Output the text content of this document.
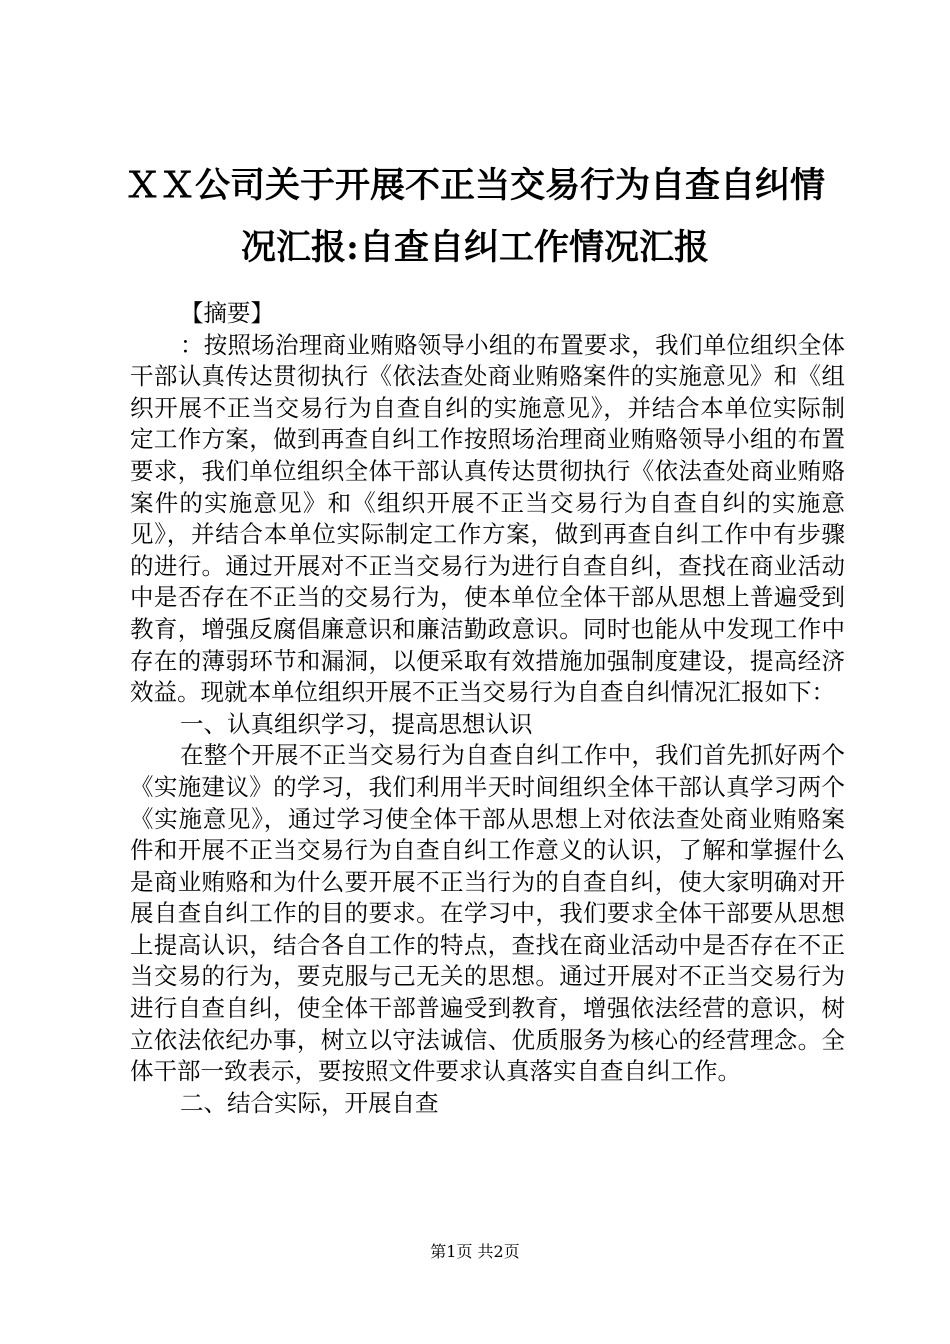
ＸＸ公司关于开展不正当交易行为自查自纠情
况汇报:自查自纠工作情况汇报

【摘要】

：按照场治理商业贿赂领导小组的布置要求，我们单位组织全体干部认真传达贯彻执行《依法查处商业贿赂案件的实施意见》和《组织开展不正当交易行为自查自纠的实施意见》，并结合本单位实际制定工作方案，做到再查自纠工作按照场治理商业贿赂领导小组的布置要求，我们单位组织全体干部认真传达贯彻执行《依法查处商业贿赂案件的实施意见》和《组织开展不正当交易行为自查自纠的实施意见》，并结合本单位实际制定工作方案，做到再查自纠工作中有步骤的进行。通过开展对不正当交易行为进行自查自纠，查找在商业活动中是否存在不正当的交易行为，使本单位全体干部从思想上普遍受到教育，增强反腐倡廉意识和廉洁勤政意识。同时也能从中发现工作中存在的薄弱环节和漏洞，以便采取有效措施加强制度建设，提高经济效益。现就本单位组织开展不正当交易行为自查自纠情况汇报如下：

一、认真组织学习，提高思想认识

在整个开展不正当交易行为自查自纠工作中，我们首先抓好两个《实施建议》的学习，我们利用半天时间组织全体干部认真学习两个《实施意见》，通过学习使全体干部从思想上对依法查处商业贿赂案件和开展不正当交易行为自查自纠工作意义的认识，了解和掌握什么是商业贿赂和为什么要开展不正当行为的自查自纠，使大家明确对开展自查自纠工作的目的要求。在学习中，我们要求全体干部要从思想上提高认识，结合各自工作的特点，查找在商业活动中是否存在不正当交易的行为，要克服与己无关的思想。通过开展对不正当交易行为进行自查自纠，使全体干部普遍受到教育，增强依法经营的意识，树立依法依纪办事，树立以守法诚信、优质服务为核心的经营理念。全体干部一致表示，要按照文件要求认真落实自查自纠工作。

二、结合实际，开展自查

第1页 共2页
